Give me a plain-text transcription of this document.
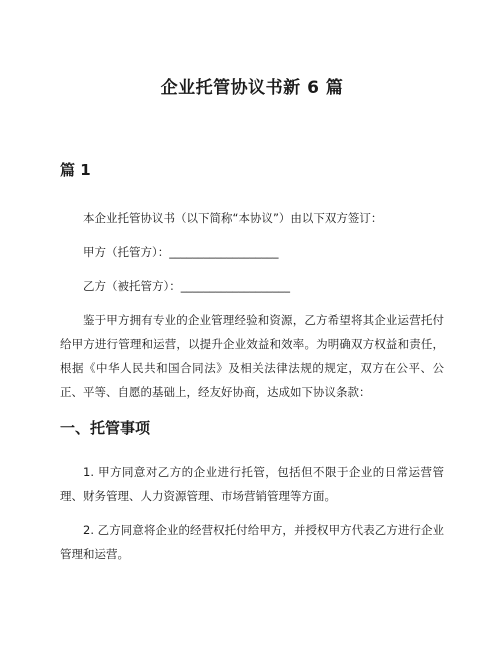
企业托管协议书新 6 篇
篇 1

本企业托管协议书（以下简称“本协议”）由以下双方签订：

甲方（托管方）：___________________

乙方（被托管方）：___________________

鉴于甲方拥有专业的企业管理经验和资源，乙方希望将其企业运营托付给甲方进行管理和运营，以提升企业效益和效率。为明确双方权益和责任，根据《中华人民共和国合同法》及相关法律法规的规定，双方在公平、公正、平等、自愿的基础上，经友好协商，达成如下协议条款：

一、托管事项

1. 甲方同意对乙方的企业进行托管，包括但不限于企业的日常运营管理、财务管理、人力资源管理、市场营销管理等方面。

2. 乙方同意将企业的经营权托付给甲方，并授权甲方代表乙方进行企业管理和运营。
